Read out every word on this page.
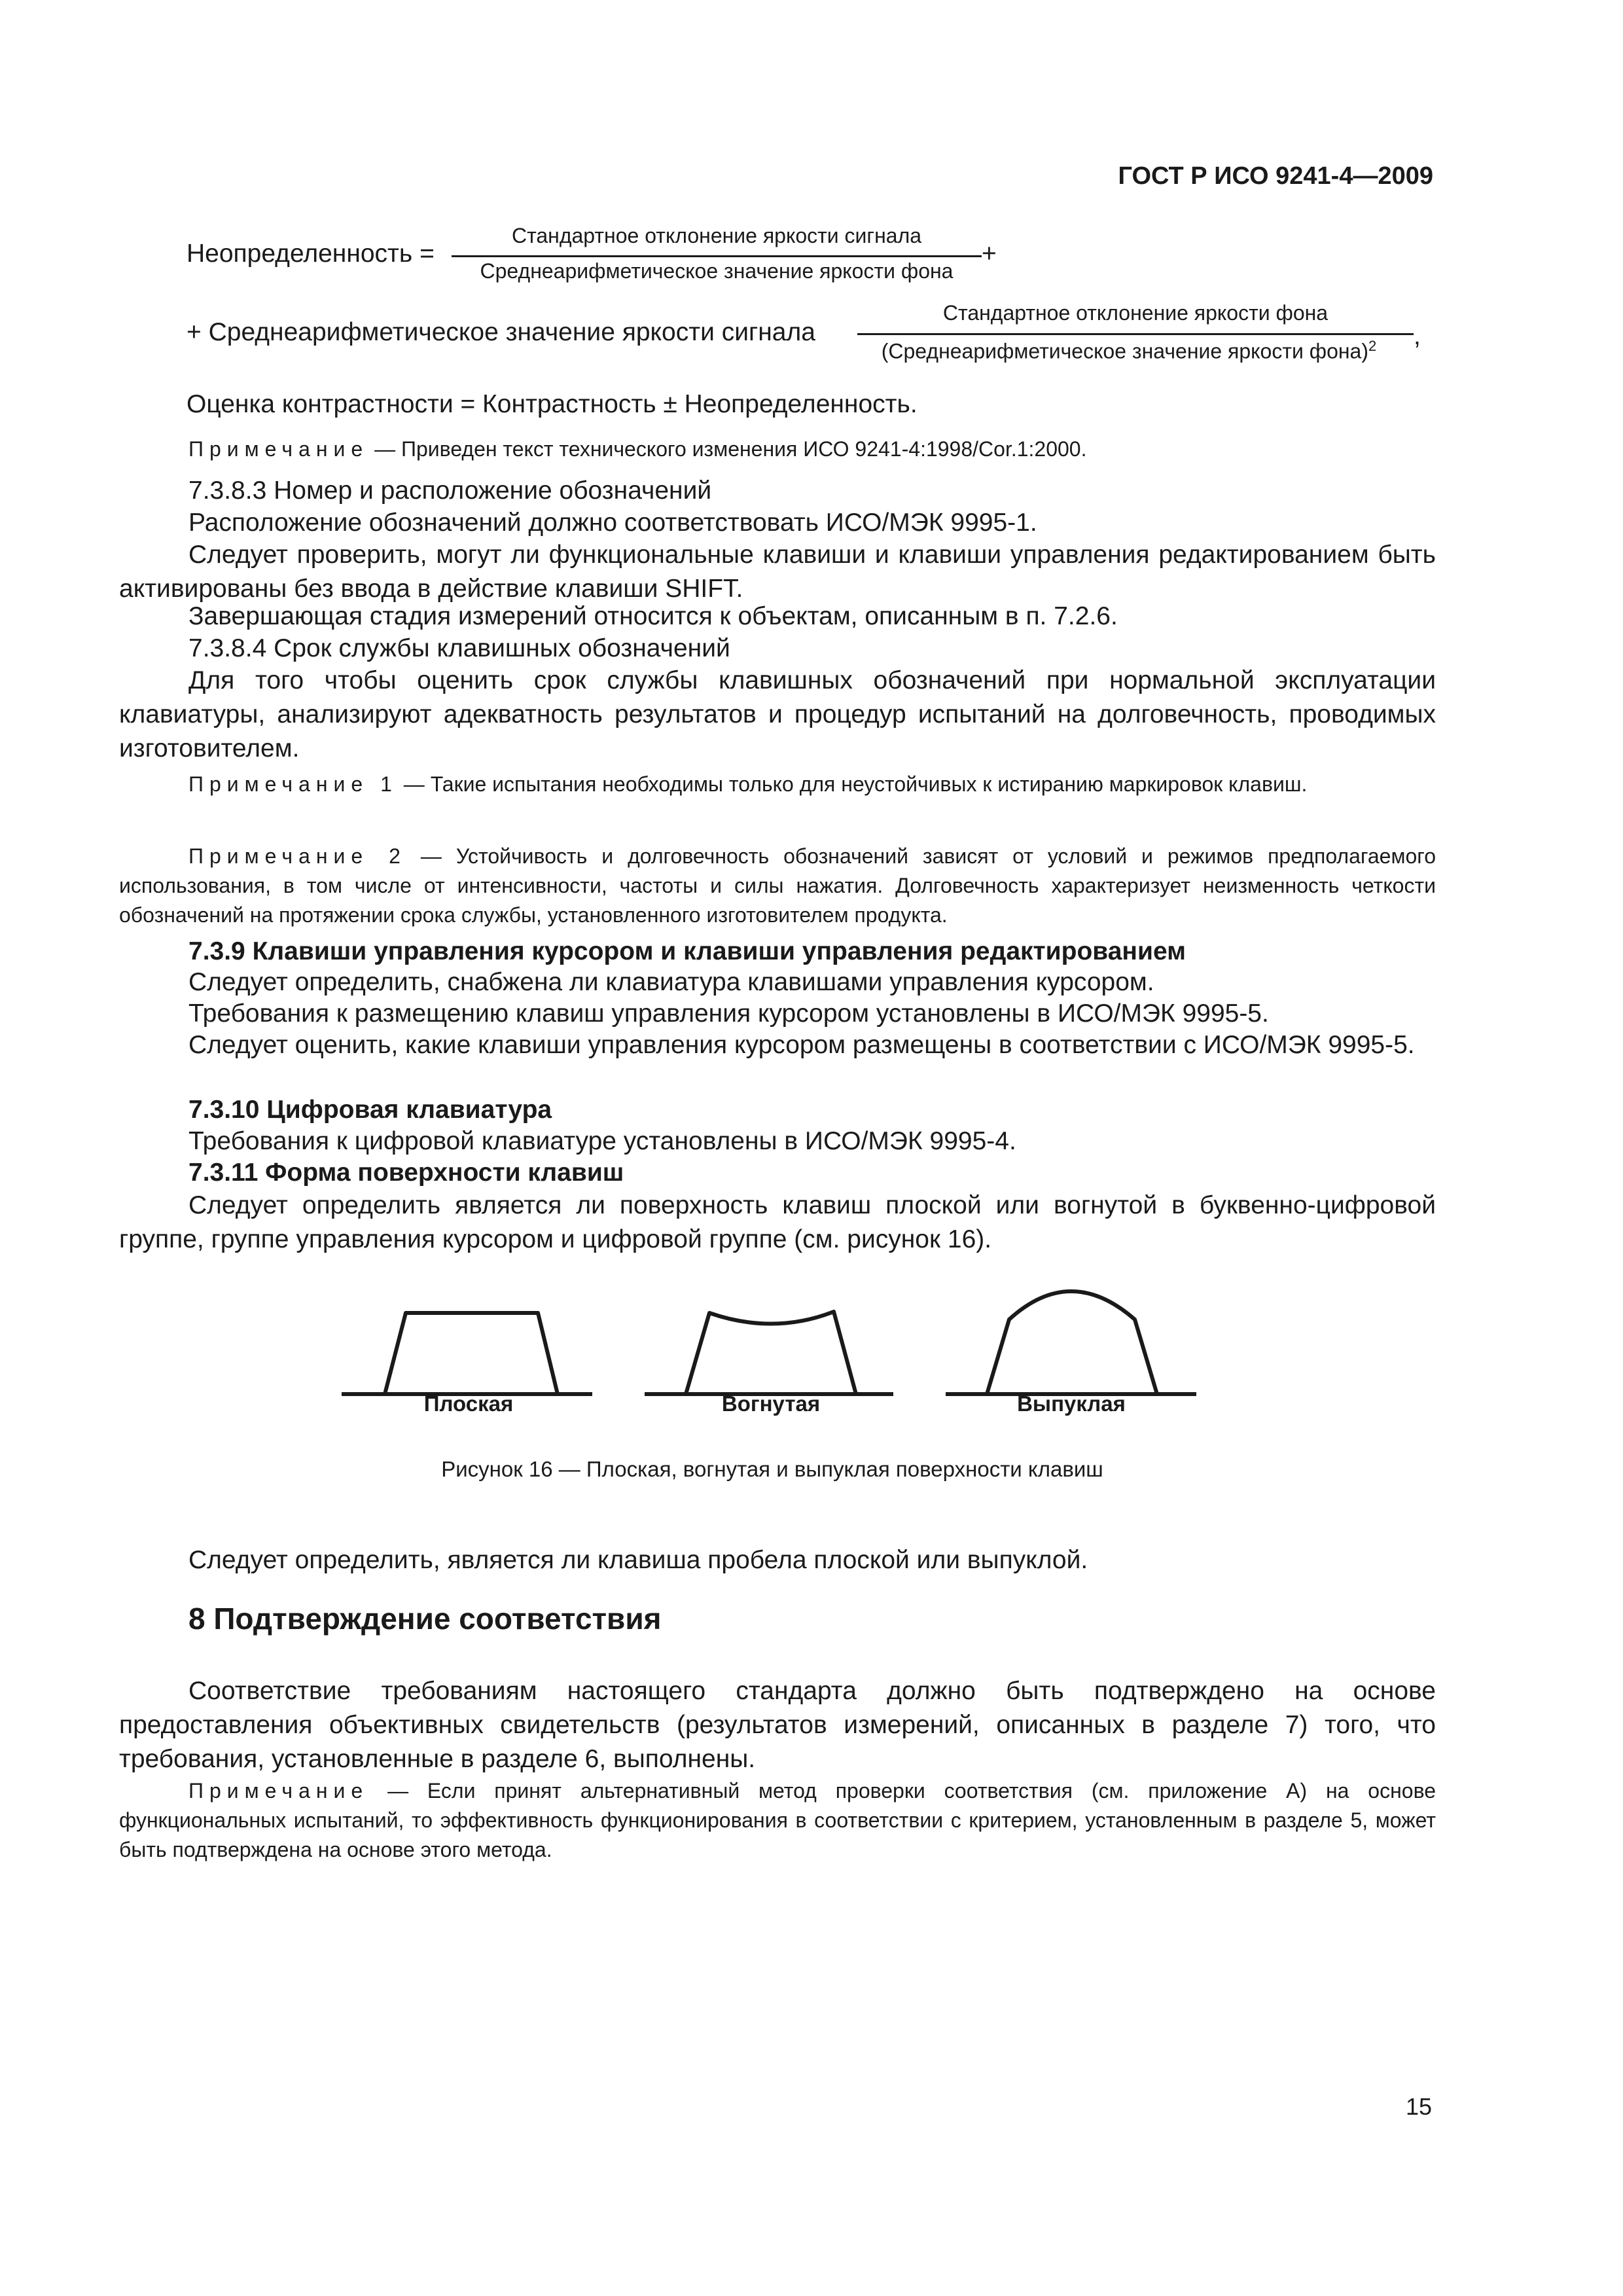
ГОСТ Р ИСО 9241-4—2009
Неопределенность =
Стандартное отклонение яркости сигнала
Среднеарифметическое значение яркости фона
+
+ Среднеарифметическое значение яркости сигнала
Стандартное отклонение яркости фона
(Среднеарифметическое значение яркости фона)$^2$	,
Оценка контрастности = Контрастность ± Неопределенность.
Примечание — Приведен текст технического изменения ИСО 9241-4:1998/Cor.1:2000.
7.3.8.3 Номер и расположение обозначений
Расположение обозначений должно соответствовать ИСО/МЭК 9995-1.
Следует проверить, могут ли функциональные клавиши и клавиши управления редактированием быть активированы без ввода в действие клавиши SHIFT.
Завершающая стадия измерений относится к объектам, описанным в п. 7.2.6.
7.3.8.4 Срок службы клавишных обозначений
Для того чтобы оценить срок службы клавишных обозначений при нормальной эксплуатации клавиатуры, анализируют адекватность результатов и процедур испытаний на долговечность, проводимых изготовителем.
Примечание 1 — Такие испытания необходимы только для неустойчивых к истиранию маркировок клавиш.
Примечание 2 — Устойчивость и долговечность обозначений зависят от условий и режимов предполагаемого использования, в том числе от интенсивности, частоты и силы нажатия. Долговечность характеризует неизменность четкости обозначений на протяжении срока службы, установленного изготовителем продукта.
7.3.9 Клавиши управления курсором и клавиши управления редактированием
Следует определить, снабжена ли клавиатура клавишами управления курсором.
Требования к размещению клавиш управления курсором установлены в ИСО/МЭК 9995-5.
Следует оценить, какие клавиши управления курсором размещены в соответствии с ИСО/МЭК 9995-5.
7.3.10 Цифровая клавиатура
Требования к цифровой клавиатуре установлены в ИСО/МЭК 9995-4.
7.3.11 Форма поверхности клавиш
Следует определить является ли поверхность клавиш плоской или вогнутой в буквенно-цифровой группе, группе управления курсором и цифровой группе (см. рисунок 16).
Плоская	Вогнутая	Выпуклая
Рисунок 16 — Плоская, вогнутая и выпуклая поверхности клавиш
Следует определить, является ли клавиша пробела плоской или выпуклой.
8 Подтверждение соответствия
Соответствие требованиям настоящего стандарта должно быть подтверждено на основе предоставления объективных свидетельств (результатов измерений, описанных в разделе 7) того, что требования, установленные в разделе 6, выполнены.
Примечание — Если принят альтернативный метод проверки соответствия (см. приложение А) на основе функциональных испытаний, то эффективность функционирования в соответствии с критерием, установленным в разделе 5, может быть подтверждена на основе этого метода.
15
